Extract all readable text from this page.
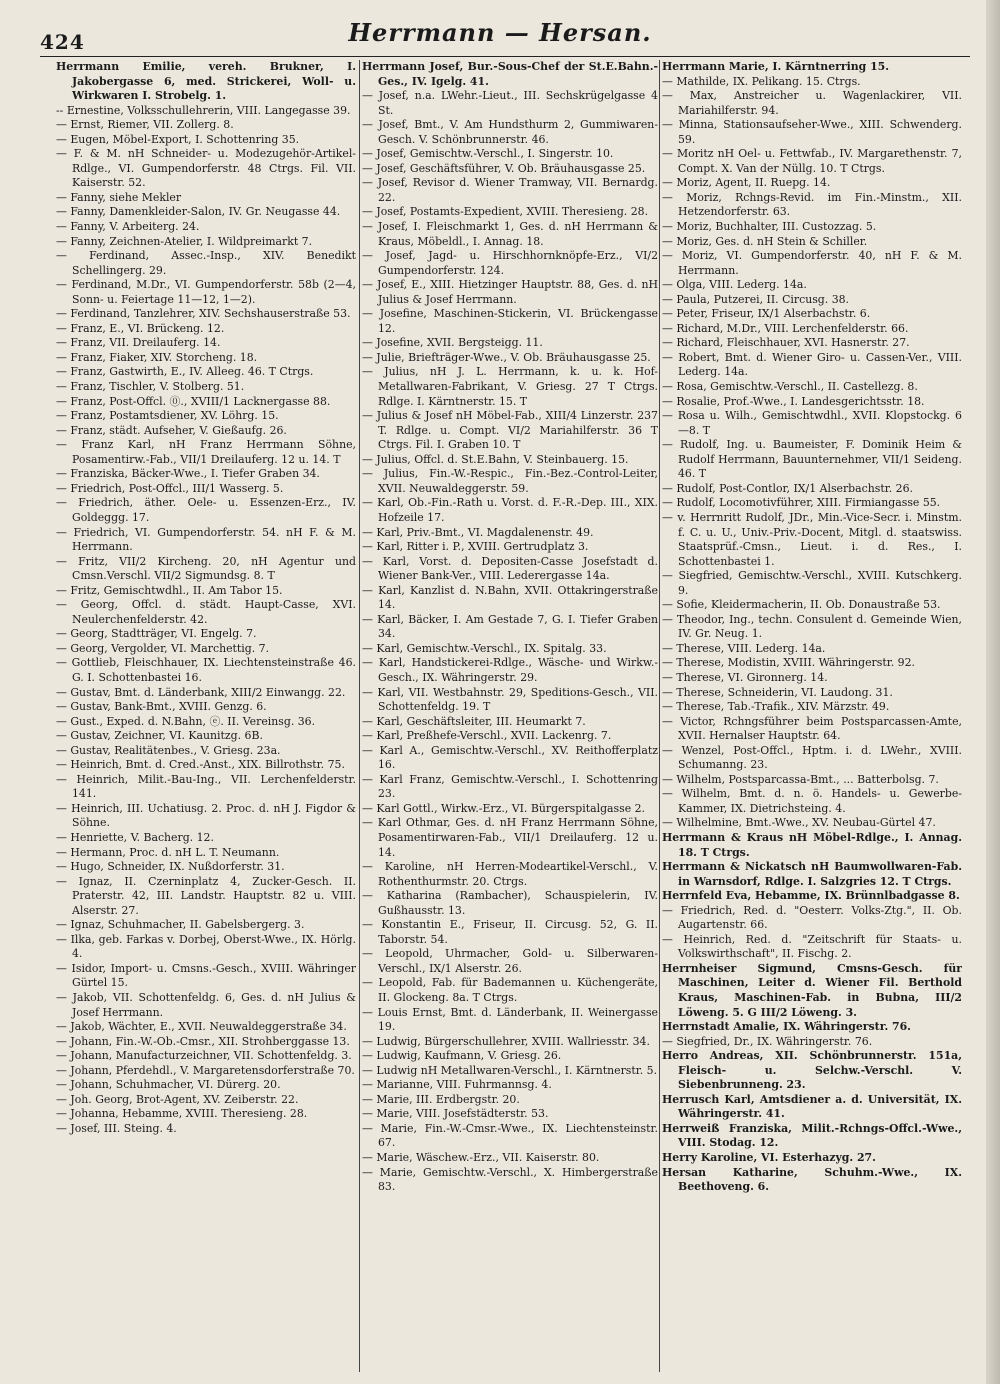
424	Herrmann — Hersan.
Herrmann Emilie, vereh. Brukner, I. Jakobergasse 6, med. Strickerei, Woll- u. Wirkwaren I. Strobelg. 1.
-- Ernestine, Volksschullehrerin, VIII. Langegasse 39.
— Ernst, Riemer, VII. Zollerg. 8.
— Eugen, Möbel-Export, I. Schottenring 35.
— F. & M. nH Schneider- u. Modezugehör-Artikel-Rdlge., VI. Gumpendorferstr. 48 Ctrgs. Fil. VII. Kaiserstr. 52.
— Fanny, siehe Mekler
— Fanny, Damenkleider-Salon, IV. Gr. Neugasse 44.
— Fanny, V. Arbeiterg. 24.
— Fanny, Zeichnen-Atelier, I. Wildpreimarkt 7.
— Ferdinand, Assec.-Insp., XIV. Benedikt Schellingerg. 29.
— Ferdinand, M.Dr., VI. Gumpendorferstr. 58b (2—4, Sonn- u. Feiertage 11—12, 1—2).
— Ferdinand, Tanzlehrer, XIV. Sechshauserstraße 53.
— Franz, E., VI. Brückeng. 12.
— Franz, VII. Dreilauferg. 14.
— Franz, Fiaker, XIV. Storcheng. 18.
— Franz, Gastwirth, E., IV. Alleeg. 46. T Ctrgs.
— Franz, Tischler, V. Stolberg. 51.
— Franz, Post-Offcl. ⓪., XVIII/1 Lacknergasse 88.
— Franz, Postamtsdiener, XV. Löhrg. 15.
— Franz, städt. Aufseher, V. Gießaufg. 26.
— Franz Karl, nH Franz Herrmann Söhne, Posamentirw.-Fab., VII/1 Dreilauferg. 12 u. 14. T
— Franziska, Bäcker-Wwe., I. Tiefer Graben 34.
— Friedrich, Post-Offcl., III/1 Wasserg. 5.
— Friedrich, äther. Oele- u. Essenzen-Erz., IV. Goldeggg. 17.
— Friedrich, VI. Gumpendorferstr. 54. nH F. & M. Herrmann.
— Fritz, VII/2 Kircheng. 20, nH Agentur und Cmsn.Verschl. VII/2 Sigmundsg. 8. T
— Fritz, Gemischtwdhl., II. Am Tabor 15.
— Georg, Offcl. d. städt. Haupt-Casse, XVI. Neulerchenfelderstr. 42.
— Georg, Stadtträger, VI. Engelg. 7.
— Georg, Vergolder, VI. Marchettig. 7.
— Gottlieb, Fleischhauer, IX. Liechtensteinstraße 46. G. I. Schottenbastei 16.
— Gustav, Bmt. d. Länderbank, XIII/2 Einwangg. 22.
— Gustav, Bank-Bmt., XVIII. Genzg. 6.
— Gust., Exped. d. N.Bahn, ⓔ. II. Vereinsg. 36.
— Gustav, Zeichner, VI. Kaunitzg. 6B.
— Gustav, Realitätenbes., V. Griesg. 23a.
— Heinrich, Bmt. d. Cred.-Anst., XIX. Billrothstr. 75.
— Heinrich, Milit.-Bau-Ing., VII. Lerchenfelderstr. 141.
— Heinrich, III. Uchatiusg. 2. Proc. d. nH J. Figdor & Söhne.
— Henriette, V. Bacherg. 12.
— Hermann, Proc. d. nH L. T. Neumann.
— Hugo, Schneider, IX. Nußdorferstr. 31.
— Ignaz, II. Czerninplatz 4, Zucker-Gesch. II. Praterstr. 42, III. Landstr. Hauptstr. 82 u. VIII. Alserstr. 27.
— Ignaz, Schuhmacher, II. Gabelsbergerg. 3.
— Ilka, geb. Farkas v. Dorbej, Oberst-Wwe., IX. Hörlg. 4.
— Isidor, Import- u. Cmsns.-Gesch., XVIII. Währinger Gürtel 15.
— Jakob, VII. Schottenfeldg. 6, Ges. d. nH Julius & Josef Herrmann.
— Jakob, Wächter, E., XVII. Neuwaldeggerstraße 34.
— Johann, Fin.-W.-Ob.-Cmsr., XII. Strohberggasse 13.
— Johann, Manufacturzeichner, VII. Schottenfeldg. 3.
— Johann, Pferdehdl., V. Margaretensdorferstraße 70.
— Johann, Schuhmacher, VI. Dürerg. 20.
— Joh. Georg, Brot-Agent, XV. Zeiberstr. 22.
— Johanna, Hebamme, XVIII. Theresieng. 28.
— Josef, III. Steing. 4.
Herrmann Josef, Bur.-Sous-Chef der St.E.Bahn.-Ges., IV. Igelg. 41.
— Josef, n.a. LWehr.-Lieut., III. Sechskrügelgasse 4 St.
— Josef, Bmt., V. Am Hundsthurm 2, Gummiwaren-Gesch. V. Schönbrunnerstr. 46.
— Josef, Gemischtw.-Verschl., I. Singerstr. 10.
— Josef, Geschäftsführer, V. Ob. Bräuhausgasse 25.
— Josef, Revisor d. Wiener Tramway, VII. Bernardg. 22.
— Josef, Postamts-Expedient, XVIII. Theresieng. 28.
— Josef, I. Fleischmarkt 1, Ges. d. nH Herrmann & Kraus, Möbeldl., I. Annag. 18.
— Josef, Jagd- u. Hirschhornknöpfe-Erz., VI/2 Gumpendorferstr. 124.
— Josef, E., XIII. Hietzinger Hauptstr. 88, Ges. d. nH Julius & Josef Herrmann.
— Josefine, Maschinen-Stickerin, VI. Brückengasse 12.
— Josefine, XVII. Bergsteigg. 11.
— Julie, Briefträger-Wwe., V. Ob. Bräuhausgasse 25.
— Julius, nH J. L. Herrmann, k. u. k. Hof-Metallwaren-Fabrikant, V. Griesg. 27 T Ctrgs. Rdlge. I. Kärntnerstr. 15. T
— Julius & Josef nH Möbel-Fab., XIII/4 Linzerstr. 237 T. Rdlge. u. Compt. VI/2 Mariahilferstr. 36 T Ctrgs. Fil. I. Graben 10. T
— Julius, Offcl. d. St.E.Bahn, V. Steinbauerg. 15.
— Julius, Fin.-W.-Respic., Fin.-Bez.-Control-Leiter, XVII. Neuwaldeggerstr. 59.
— Karl, Ob.-Fin.-Rath u. Vorst. d. F.-R.-Dep. III., XIX. Hofzeile 17.
— Karl, Priv.-Bmt., VI. Magdalenenstr. 49.
— Karl, Ritter i. P., XVIII. Gertrudplatz 3.
— Karl, Vorst. d. Depositen-Casse Josefstadt d. Wiener Bank-Ver., VIII. Lederergasse 14a.
— Karl, Kanzlist d. N.Bahn, XVII. Ottakringerstraße 14.
— Karl, Bäcker, I. Am Gestade 7, G. I. Tiefer Graben 34.
— Karl, Gemischtw.-Verschl., IX. Spitalg. 33.
— Karl, Handstickerei-Rdlge., Wäsche- und Wirkw.-Gesch., IX. Währingerstr. 29.
— Karl, VII. Westbahnstr. 29, Speditions-Gesch., VII. Schottenfeldg. 19. T
— Karl, Geschäftsleiter, III. Heumarkt 7.
— Karl, Preßhefe-Verschl., XVII. Lackenrg. 7.
— Karl A., Gemischtw.-Verschl., XV. Reithofferplatz 16.
— Karl Franz, Gemischtw.-Verschl., I. Schottenring 23.
— Karl Gottl., Wirkw.-Erz., VI. Bürgerspitalgasse 2.
— Karl Othmar, Ges. d. nH Franz Herrmann Söhne, Posamentirwaren-Fab., VII/1 Dreilauferg. 12 u. 14.
— Karoline, nH Herren-Modeartikel-Verschl., V. Rothenthurmstr. 20. Ctrgs.
— Katharina (Rambacher), Schauspielerin, IV. Gußhausstr. 13.
— Konstantin E., Friseur, II. Circusg. 52, G. II. Taborstr. 54.
— Leopold, Uhrmacher, Gold- u. Silberwaren-Verschl., IX/1 Alserstr. 26.
— Leopold, Fab. für Bademannen u. Küchengeräte, II. Glockeng. 8a. T Ctrgs.
— Louis Ernst, Bmt. d. Länderbank, II. Weinergasse 19.
— Ludwig, Bürgerschullehrer, XVIII. Wallriesstr. 34.
— Ludwig, Kaufmann, V. Griesg. 26.
— Ludwig nH Metallwaren-Verschl., I. Kärntnerstr. 5.
— Marianne, VIII. Fuhrmannsg. 4.
— Marie, III. Erdbergstr. 20.
— Marie, VIII. Josefstädterstr. 53.
— Marie, Fin.-W.-Cmsr.-Wwe., IX. Liechtensteinstr. 67.
— Marie, Wäschew.-Erz., VII. Kaiserstr. 80.
— Marie, Gemischtw.-Verschl., X. Himbergerstraße 83.
Herrmann Marie, I. Kärntnerring 15.
— Mathilde, IX. Pelikang. 15. Ctrgs.
— Max, Anstreicher u. Wagenlackirer, VII. Mariahilferstr. 94.
— Minna, Stationsaufseher-Wwe., XIII. Schwenderg. 59.
— Moritz nH Oel- u. Fettwfab., IV. Margarethenstr. 7, Compt. X. Van der Nüllg. 10. T Ctrgs.
— Moriz, Agent, II. Ruepg. 14.
— Moriz, Rchngs-Revid. im Fin.-Minstm., XII. Hetzendorferstr. 63.
— Moriz, Buchhalter, III. Custozzag. 5.
— Moriz, Ges. d. nH Stein & Schiller.
— Moriz, VI. Gumpendorferstr. 40, nH F. & M. Herrmann.
— Olga, VIII. Lederg. 14a.
— Paula, Putzerei, II. Circusg. 38.
— Peter, Friseur, IX/1 Alserbachstr. 6.
— Richard, M.Dr., VIII. Lerchenfelderstr. 66.
— Richard, Fleischhauer, XVI. Hasnerstr. 27.
— Robert, Bmt. d. Wiener Giro- u. Cassen-Ver., VIII. Lederg. 14a.
— Rosa, Gemischtw.-Verschl., II. Castellezg. 8.
— Rosalie, Prof.-Wwe., I. Landesgerichtsstr. 18.
— Rosa u. Wilh., Gemischtwdhl., XVII. Klopstockg. 6—8. T
— Rudolf, Ing. u. Baumeister, F. Dominik Heim & Rudolf Herrmann, Bauunternehmer, VII/1 Seideng. 46. T
— Rudolf, Post-Contlor, IX/1 Alserbachstr. 26.
— Rudolf, Locomotivführer, XIII. Firmiangasse 55.
— v. Herrnritt Rudolf, JDr., Min.-Vice-Secr. i. Minstm. f. C. u. U., Univ.-Priv.-Docent, Mitgl. d. staatswiss. Staatsprüf.-Cmsn., Lieut. i. d. Res., I. Schottenbastei 1.
— Siegfried, Gemischtw.-Verschl., XVIII. Kutschkerg. 9.
— Sofie, Kleidermacherin, II. Ob. Donaustraße 53.
— Theodor, Ing., techn. Consulent d. Gemeinde Wien, IV. Gr. Neug. 1.
— Therese, VIII. Lederg. 14a.
— Therese, Modistin, XVIII. Währingerstr. 92.
— Therese, VI. Gironnerg. 14.
— Therese, Schneiderin, VI. Laudong. 31.
— Therese, Tab.-Trafik., XIV. Märzstr. 49.
— Victor, Rchngsführer beim Postsparcassen-Amte, XVII. Hernalser Hauptstr. 64.
— Wenzel, Post-Offcl., Hptm. i. d. LWehr., XVIII. Schumanng. 23.
— Wilhelm, Postsparcassa-Bmt., ... Batterbolsg. 7.
— Wilhelm, Bmt. d. n. ö. Handels- u. Gewerbe-Kammer, IX. Dietrichsteing. 4.
— Wilhelmine, Bmt.-Wwe., XV. Neubau-Gürtel 47.
Herrmann & Kraus nH Möbel-Rdlge., I. Annag. 18. T Ctrgs.
Herrmann & Nickatsch nH Baumwollwaren-Fab. in Warnsdorf, Rdlge. I. Salzgries 12. T Ctrgs.
Herrnfeld Eva, Hebamme, IX. Brünnlbadgasse 8.
— Friedrich, Red. d. "Oesterr. Volks-Ztg.", II. Ob. Augartenstr. 66.
— Heinrich, Red. d. "Zeitschrift für Staats- u. Volkswirthschaft", II. Fischg. 2.
Herrnheiser Sigmund, Cmsns-Gesch. für Maschinen, Leiter d. Wiener Fil. Berthold Kraus, Maschinen-Fab. in Bubna, III/2 Löweng. 5. G III/2 Löweng. 3.
Herrnstadt Amalie, IX. Währingerstr. 76.
— Siegfried, Dr., IX. Währingerstr. 76.
Herro Andreas, XII. Schönbrunnerstr. 151a, Fleisch- u. Selchw.-Verschl. V. Siebenbrunneng. 23.
Herrusch Karl, Amtsdiener a. d. Universität, IX. Währingerstr. 41.
Herrweiß Franziska, Milit.-Rchngs-Offcl.-Wwe., VIII. Stodag. 12.
Herry Karoline, VI. Esterhazyg. 27.
Hersan Katharine, Schuhm.-Wwe., IX. Beethoveng. 6.
